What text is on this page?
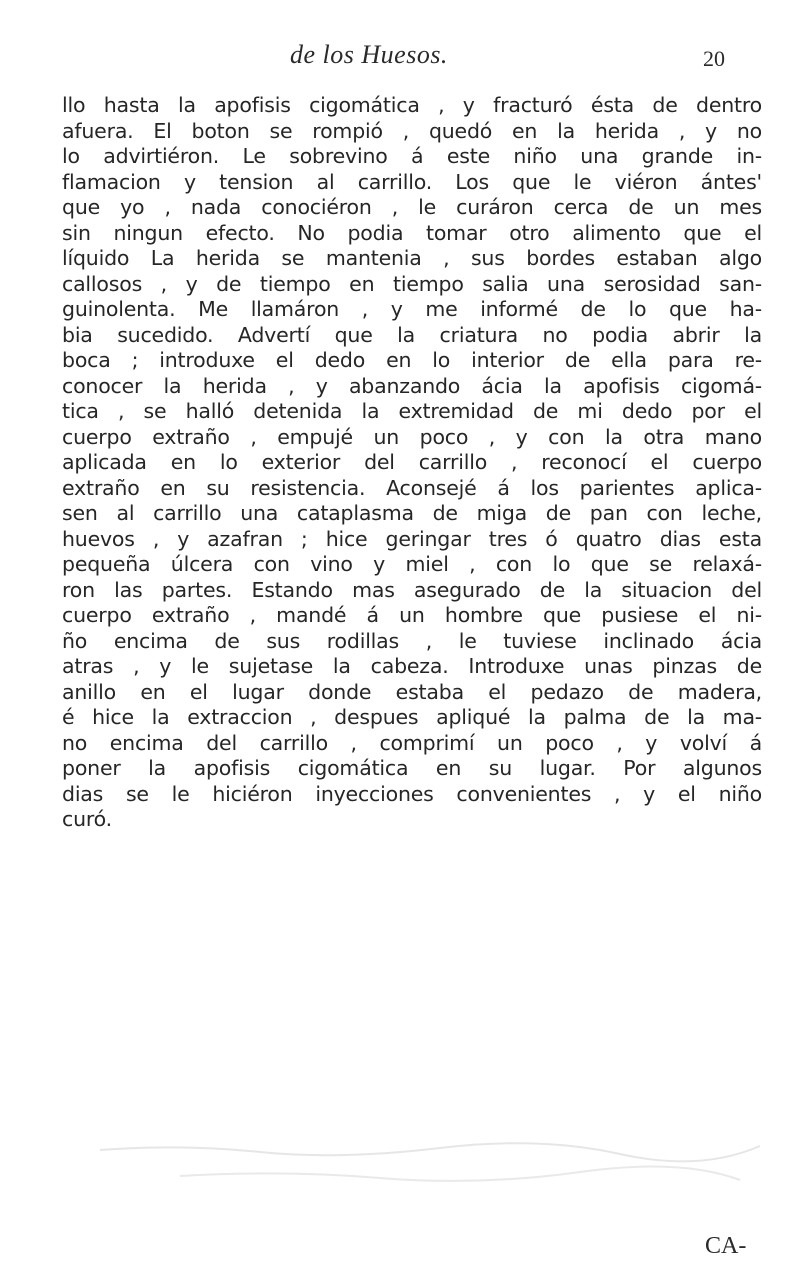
de los Huesos.	20
llo hasta la apofisis cigomática , y fracturó ésta de dentro
afuera. El boton se rompió , quedó en la herida , y no
lo advirtiéron. Le sobrevino á este niño una grande in-
flamacion y tension al carrillo. Los que le viéron ántes'
que yo , nada conociéron , le curáron cerca de un mes
sin ningun efecto. No podia tomar otro alimento que el
líquido La herida se mantenia , sus bordes estaban algo
callosos , y de tiempo en tiempo salia una serosidad san-
guinolenta. Me llamáron , y me informé de lo que ha-
bia sucedido. Advertí que la criatura no podia abrir la
boca ; introduxe el dedo en lo interior de ella para re-
conocer la herida , y abanzando ácia la apofisis cigomá-
tica , se halló detenida la extremidad de mi dedo por el
cuerpo extraño , empujé un poco , y con la otra mano
aplicada en lo exterior del carrillo , reconocí el cuerpo
extraño en su resistencia. Aconsejé á los parientes aplica-
sen al carrillo una cataplasma de miga de pan con leche,
huevos , y azafran ; hice geringar tres ó quatro dias esta
pequeña úlcera con vino y miel , con lo que se relaxá-
ron las partes. Estando mas asegurado de la situacion del
cuerpo extraño , mandé á un hombre que pusiese el ni-
ño encima de sus rodillas , le tuviese inclinado ácia
atras , y le sujetase la cabeza. Introduxe unas pinzas de
anillo en el lugar donde estaba el pedazo de madera,
é hice la extraccion , despues apliqué la palma de la ma-
no encima del carrillo , comprimí un poco , y volví á
poner la apofisis cigomática en su lugar. Por algunos
dias se le hiciéron inyecciones convenientes , y el niño
curó.
CA-
